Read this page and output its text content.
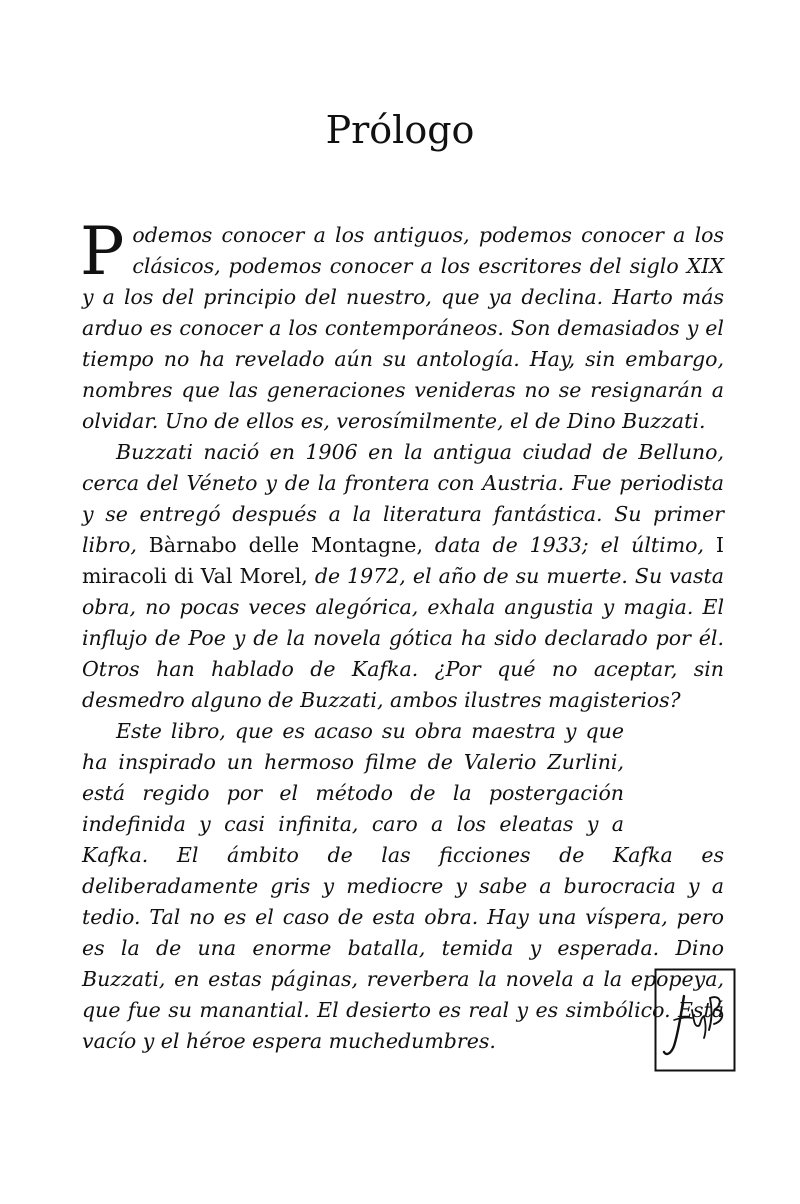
Prólogo

Podemos conocer a los antiguos, podemos conocer a los clásicos, podemos conocer a los escritores del siglo XIX y a los del principio del nuestro, que ya declina. Harto más arduo es conocer a los contemporáneos. Son demasiados y el tiempo no ha revelado aún su antología. Hay, sin embargo, nombres que las generaciones venideras no se resignarán a olvidar. Uno de ellos es, verosímilmente, el de Dino Buzzati.

Buzzati nació en 1906 en la antigua ciudad de Belluno, cerca del Véneto y de la frontera con Austria. Fue periodista y se entregó después a la literatura fantástica. Su primer libro, Bàrnabo delle Montagne, data de 1933; el último, I miracoli di Val Morel, de 1972, el año de su muerte. Su vasta obra, no pocas veces alegórica, exhala angustia y magia. El influjo de Poe y de la novela gótica ha sido declarado por él. Otros han hablado de Kafka. ¿Por qué no aceptar, sin desmedro alguno de Buzzati, ambos ilustres magisterios?

Este libro, que es acaso su obra maestra y que ha inspirado un hermoso filme de Valerio Zurlini, está regido por el método de la postergación indefinida y casi infinita, caro a los eleatas y a Kafka. El ámbito de las ficciones de Kafka es deliberadamente gris y mediocre y sabe a burocracia y a tedio. Tal no es el caso de esta obra. Hay una víspera, pero es la de una enorme batalla, temida y esperada. Dino Buzzati, en estas páginas, reverbera la novela a la epopeya, que fue su manantial. El desierto es real y es simbólico. Está vacío y el héroe espera muchedumbres.
